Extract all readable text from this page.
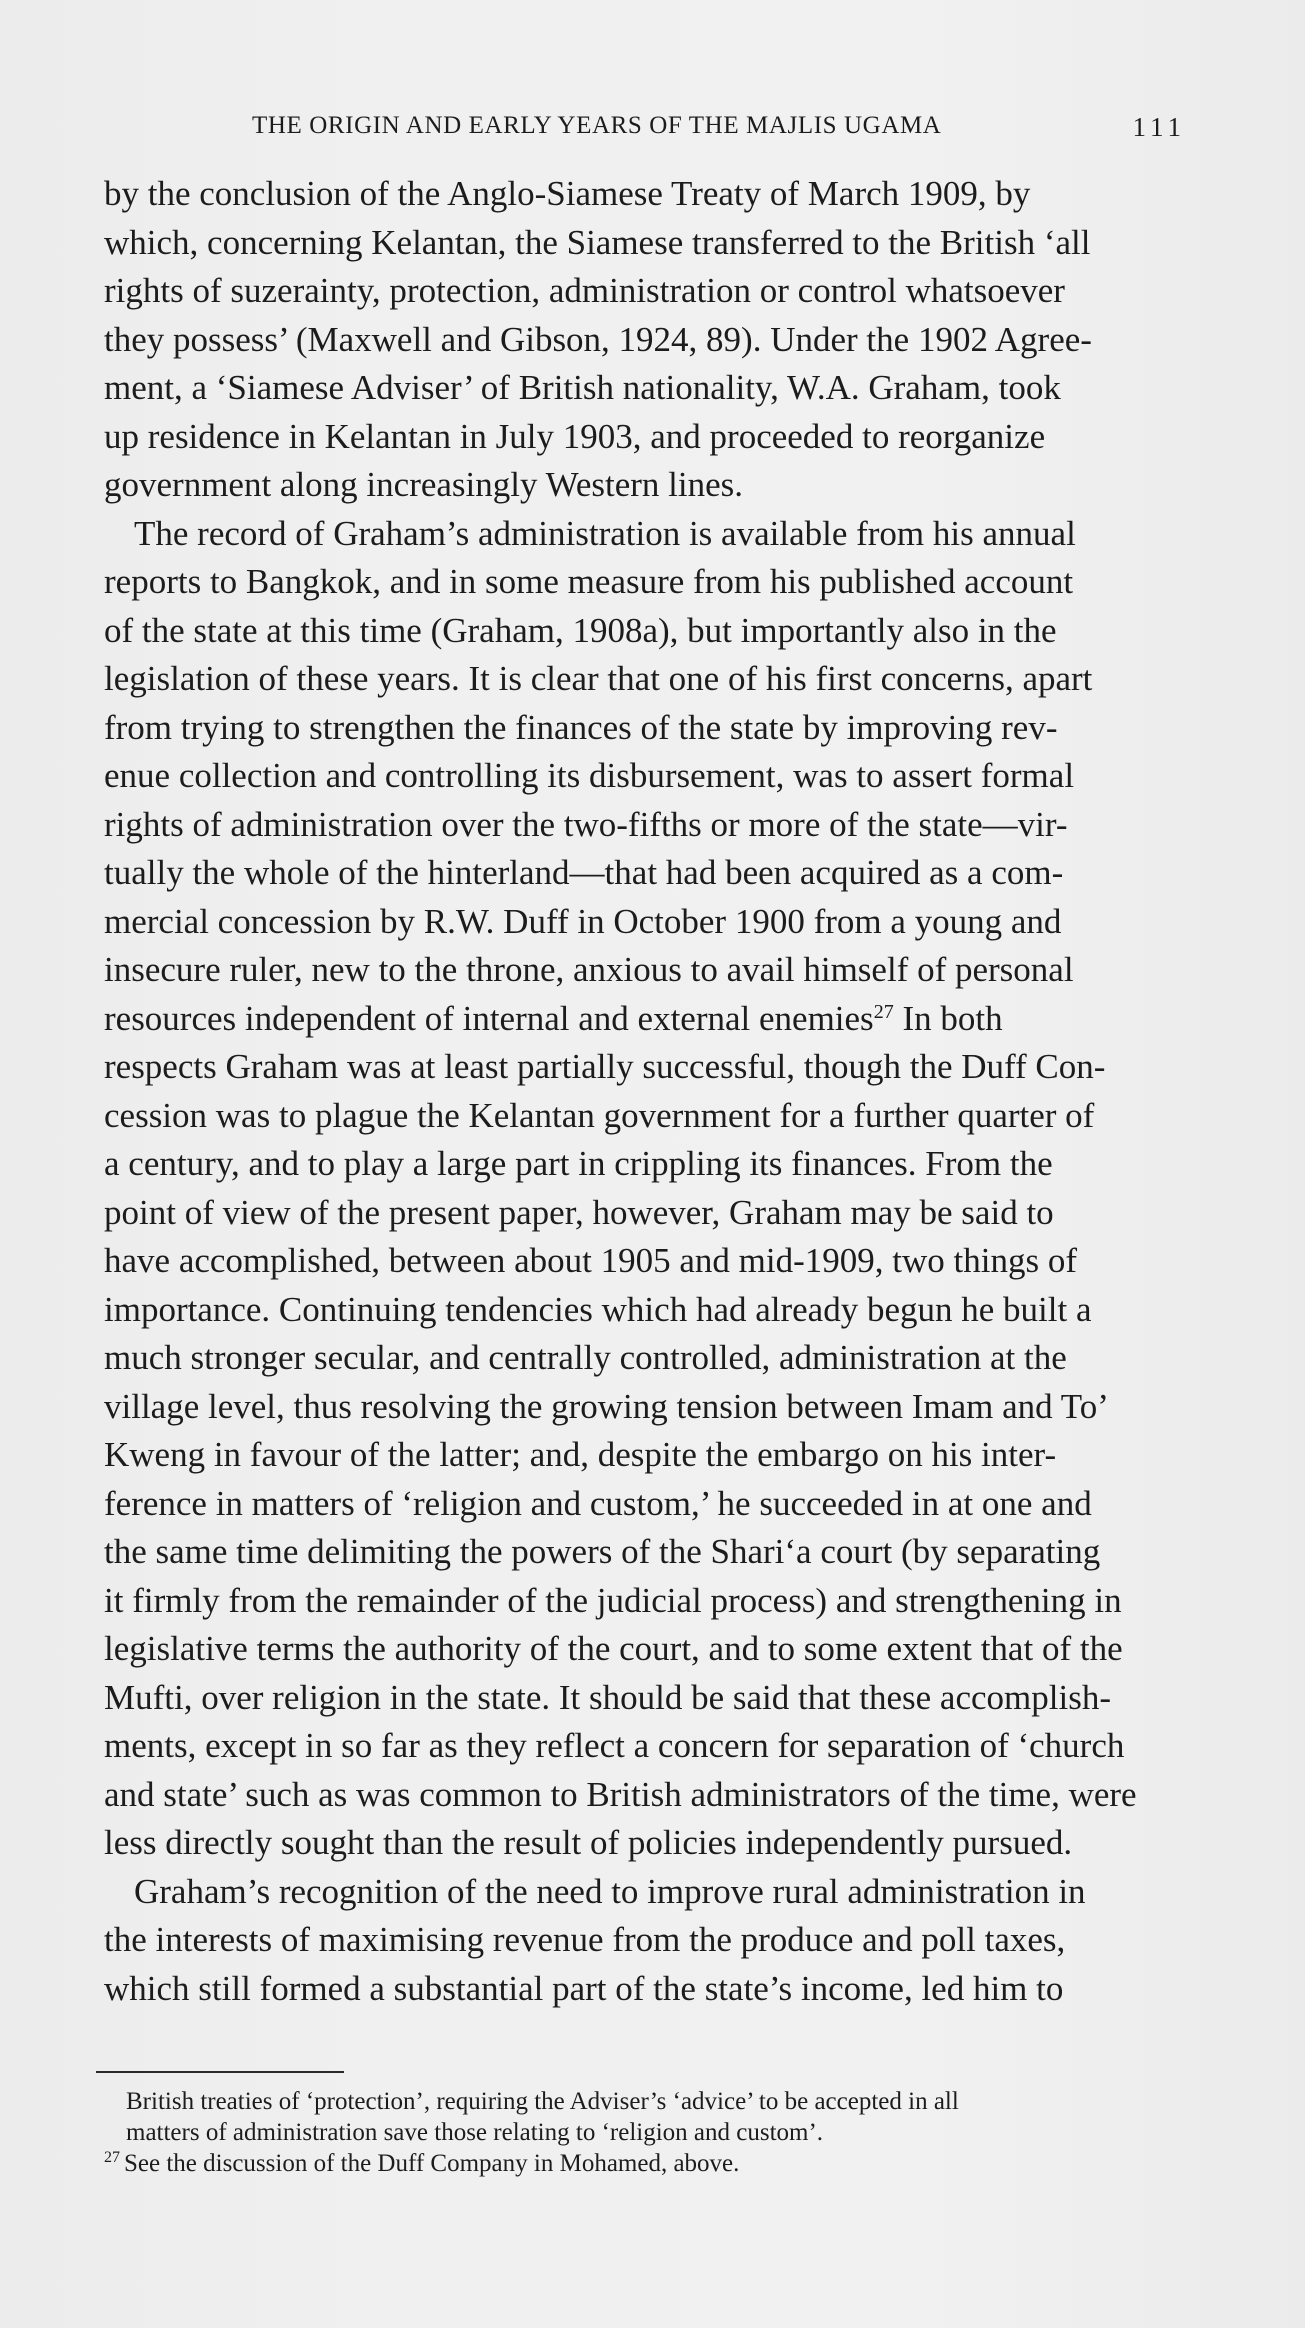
THE ORIGIN AND EARLY YEARS OF THE MAJLIS UGAMA	111
by the conclusion of the Anglo-Siamese Treaty of March 1909, by
which, concerning Kelantan, the Siamese transferred to the British ‘all
rights of suzerainty, protection, administration or control whatsoever
they possess’ (Maxwell and Gibson, 1924, 89). Under the 1902 Agree-
ment, a ‘Siamese Adviser’ of British nationality, W.A. Graham, took
up residence in Kelantan in July 1903, and proceeded to reorganize
government along increasingly Western lines.
The record of Graham’s administration is available from his annual
reports to Bangkok, and in some measure from his published account
of the state at this time (Graham, 1908a), but importantly also in the
legislation of these years. It is clear that one of his first concerns, apart
from trying to strengthen the finances of the state by improving rev-
enue collection and controlling its disbursement, was to assert formal
rights of administration over the two-fifths or more of the state—vir-
tually the whole of the hinterland—that had been acquired as a com-
mercial concession by R.W. Duff in October 1900 from a young and
insecure ruler, new to the throne, anxious to avail himself of personal
resources independent of internal and external enemies$^{27}$ In both
respects Graham was at least partially successful, though the Duff Con-
cession was to plague the Kelantan government for a further quarter of
a century, and to play a large part in crippling its finances. From the
point of view of the present paper, however, Graham may be said to
have accomplished, between about 1905 and mid-1909, two things of
importance. Continuing tendencies which had already begun he built a
much stronger secular, and centrally controlled, administration at the
village level, thus resolving the growing tension between Imam and To’
Kweng in favour of the latter; and, despite the embargo on his inter-
ference in matters of ‘religion and custom,’ he succeeded in at one and
the same time delimiting the powers of the Shari‘a court (by separating
it firmly from the remainder of the judicial process) and strengthening in
legislative terms the authority of the court, and to some extent that of the
Mufti, over religion in the state. It should be said that these accomplish-
ments, except in so far as they reflect a concern for separation of ‘church
and state’ such as was common to British administrators of the time, were
less directly sought than the result of policies independently pursued.
Graham’s recognition of the need to improve rural administration in
the interests of maximising revenue from the produce and poll taxes,
which still formed a substantial part of the state’s income, led him to
British treaties of ‘protection’, requiring the Adviser’s ‘advice’ to be accepted in all
matters of administration save those relating to ‘religion and custom’.
$^{27}$ See the discussion of the Duff Company in Mohamed, above.
